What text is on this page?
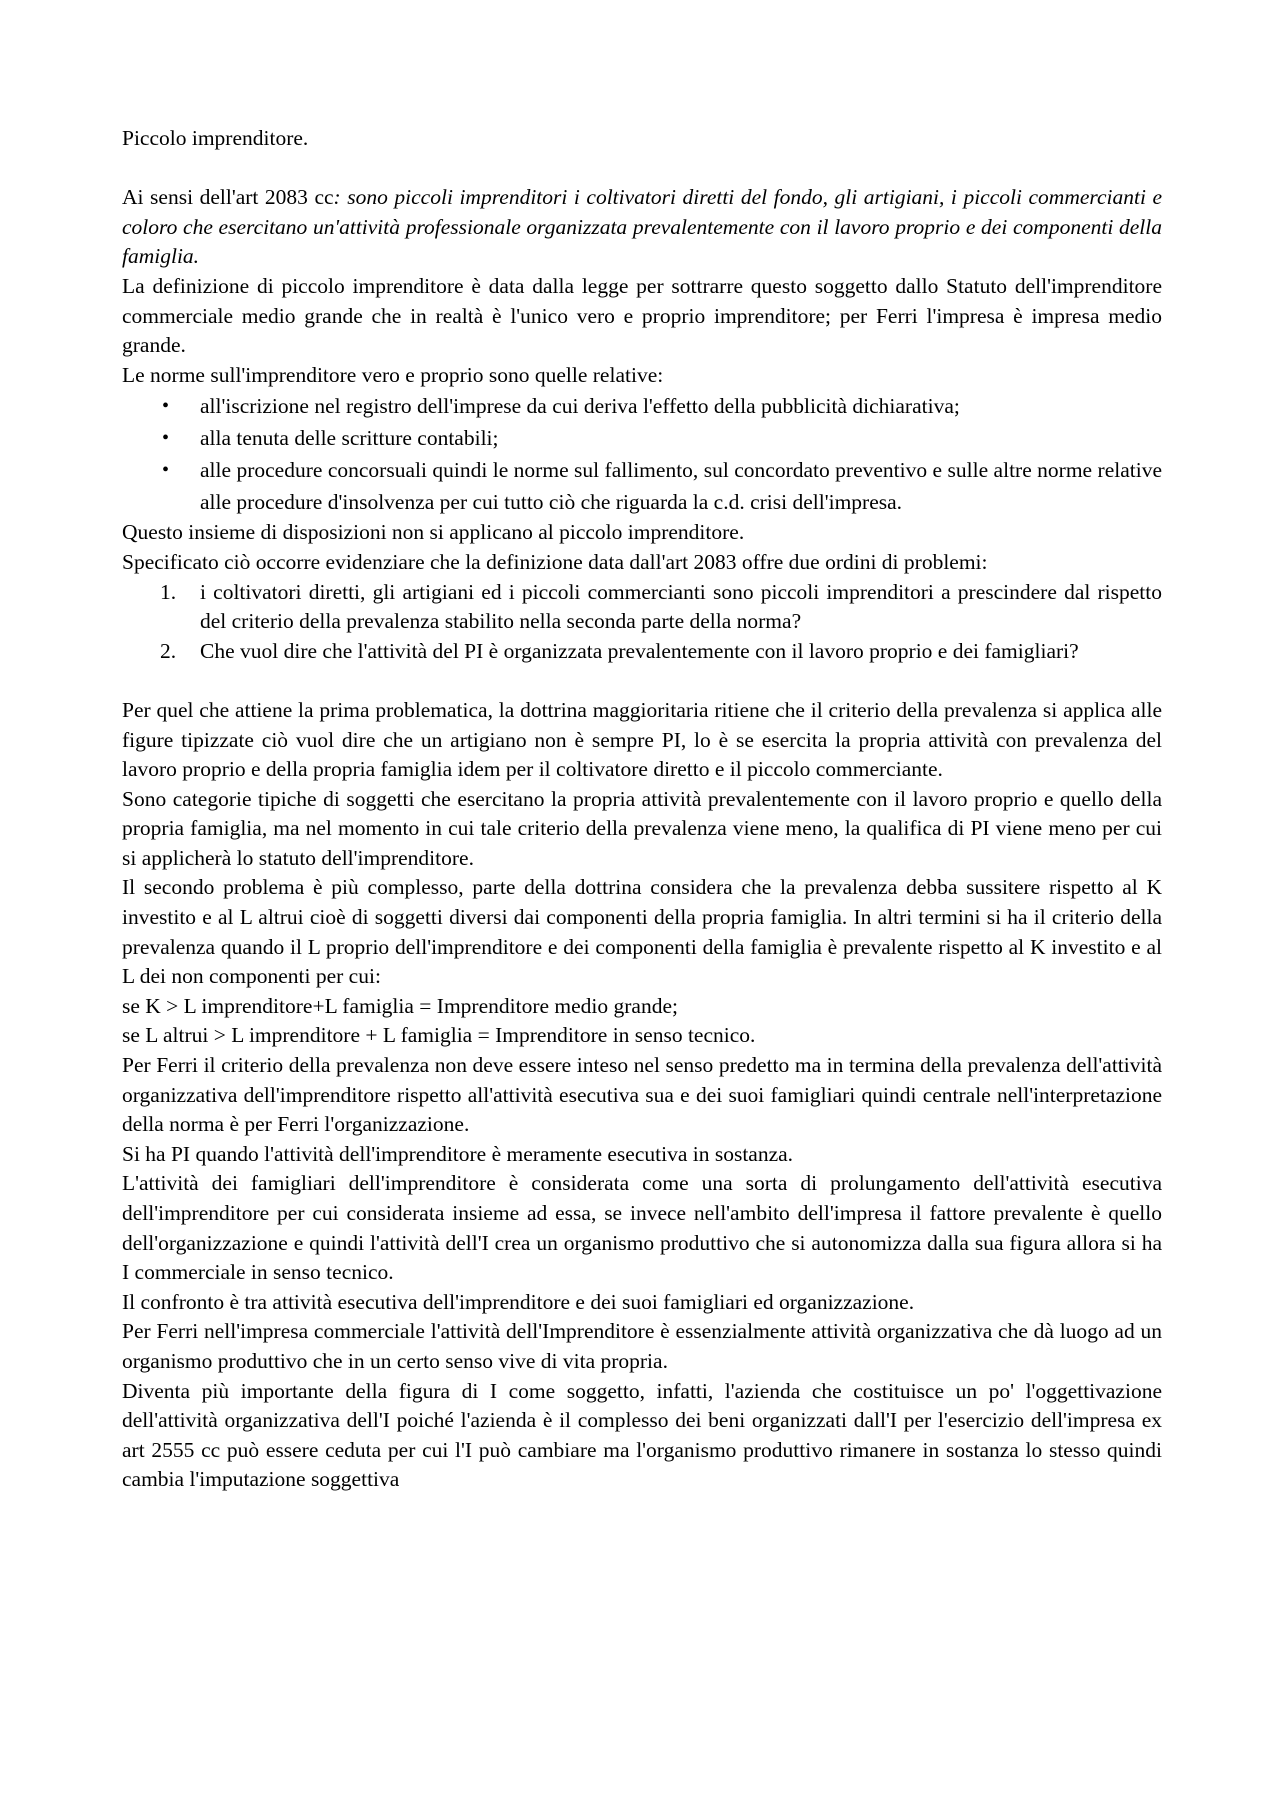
Piccolo imprenditore.

Ai sensi dell'art 2083 cc: sono piccoli imprenditori i coltivatori diretti del fondo, gli artigiani, i piccoli commercianti e coloro che esercitano un'attività professionale organizzata prevalentemente con il lavoro proprio e dei componenti della famiglia.

La definizione di piccolo imprenditore è data dalla legge per sottrarre questo soggetto dallo Statuto dell'imprenditore commerciale medio grande che in realtà è l'unico vero e proprio imprenditore; per Ferri l'impresa è impresa medio grande.

Le norme sull'imprenditore vero e proprio sono quelle relative:

• all'iscrizione nel registro dell'imprese da cui deriva l'effetto della pubblicità dichiarativa;
• alla tenuta delle scritture contabili;
• alle procedure concorsuali quindi le norme sul fallimento, sul concordato preventivo e sulle altre norme relative alle procedure d'insolvenza per cui tutto ciò che riguarda la c.d. crisi dell'impresa.

Questo insieme di disposizioni non si applicano al piccolo imprenditore.

Specificato ciò occorre evidenziare che la definizione data dall'art 2083 offre due ordini di problemi:

1. i coltivatori diretti, gli artigiani ed i piccoli commercianti sono piccoli imprenditori a prescindere dal rispetto del criterio della prevalenza stabilito nella seconda parte della norma?
2. Che vuol dire che l'attività del PI è organizzata prevalentemente con il lavoro proprio e dei famigliari?

Per quel che attiene la prima problematica, la dottrina maggioritaria ritiene che il criterio della prevalenza si applica alle figure tipizzate ciò vuol dire che un artigiano non è sempre PI, lo è se esercita la propria attività con prevalenza del lavoro proprio e della propria famiglia idem per il coltivatore diretto e il piccolo commerciante.

Sono categorie tipiche di soggetti che esercitano la propria attività prevalentemente con il lavoro proprio e quello della propria famiglia, ma nel momento in cui tale criterio della prevalenza viene meno, la qualifica di PI viene meno per cui si applicherà lo statuto dell'imprenditore.

Il secondo problema è più complesso, parte della dottrina considera che la prevalenza debba sussitere rispetto al K investito e al L altrui cioè di soggetti diversi dai componenti della propria famiglia. In altri termini si ha il criterio della prevalenza quando il L proprio dell'imprenditore e dei componenti della famiglia è prevalente rispetto al K investito e al L dei non componenti per cui:

se K > L imprenditore+L famiglia = Imprenditore medio grande;

se L altrui > L imprenditore + L famiglia = Imprenditore in senso tecnico.

Per Ferri il criterio della prevalenza non deve essere inteso nel senso predetto ma in termina della prevalenza dell'attività organizzativa dell'imprenditore rispetto all'attività esecutiva sua e dei suoi famigliari quindi centrale nell'interpretazione della norma è per Ferri l'organizzazione.

Si ha PI quando l'attività dell'imprenditore è meramente esecutiva in sostanza.

L'attività dei famigliari dell'imprenditore è considerata come una sorta di prolungamento dell'attività esecutiva dell'imprenditore per cui considerata insieme ad essa, se invece nell'ambito dell'impresa il fattore prevalente è quello dell'organizzazione e quindi l'attività dell'I crea un organismo produttivo che si autonomizza dalla sua figura allora si ha I commerciale in senso tecnico.

Il confronto è tra attività esecutiva dell'imprenditore e dei suoi famigliari ed organizzazione.

Per Ferri nell'impresa commerciale l'attività dell'Imprenditore è essenzialmente attività organizzativa che dà luogo ad un organismo produttivo che in un certo senso vive di vita propria.

Diventa più importante della figura di I come soggetto, infatti, l'azienda che costituisce un po' l'oggettivazione dell'attività organizzativa dell'I poiché l'azienda è il complesso dei beni organizzati dall'I per l'esercizio dell'impresa ex art 2555 cc può essere ceduta per cui l'I può cambiare ma l'organismo produttivo rimanere in sostanza lo stesso quindi cambia l'imputazione soggettiva
